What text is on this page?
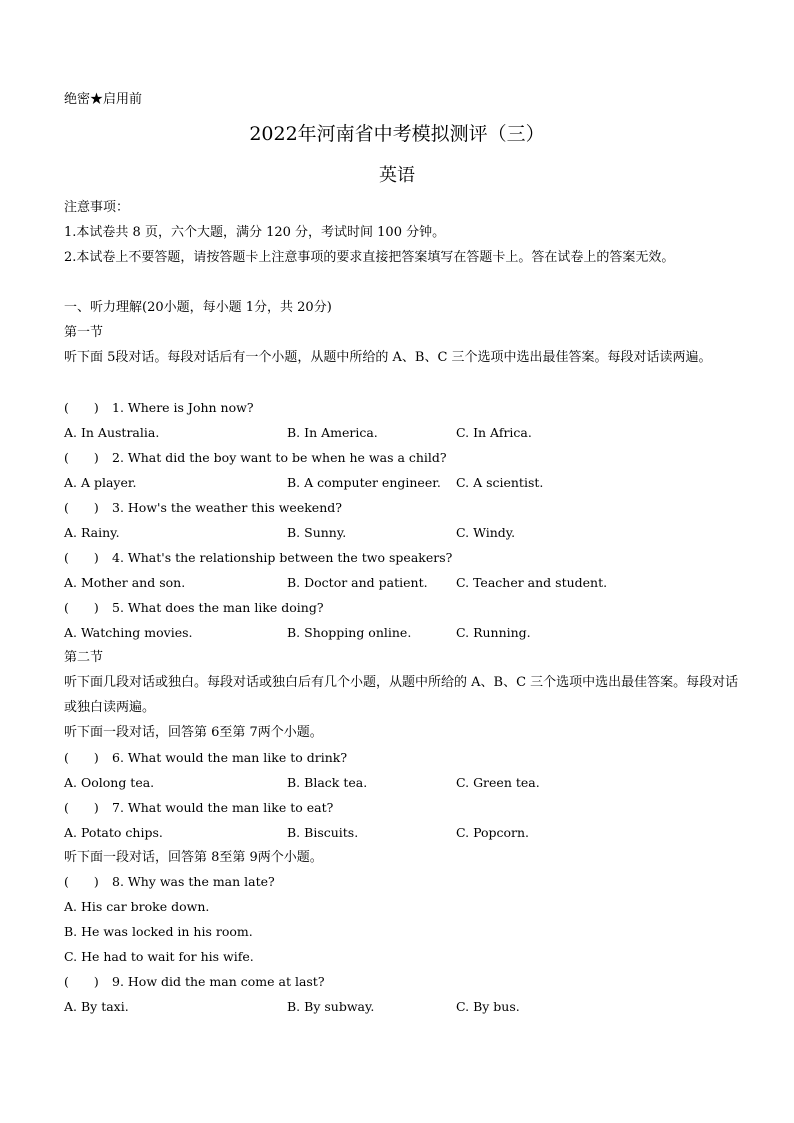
绝密★启用前
2022年河南省中考模拟测评（三）
英语
注意事项：
1.本试卷共 8 页，六个大题，满分 120 分，考试时间 100 分钟。
2.本试卷上不要答题，请按答题卡上注意事项的要求直接把答案填写在答题卡上。答在试卷上的答案无效。
一、听力理解(20小题，每小题 1分，共 20分)
第一节
听下面 5段对话。每段对话后有一个小题，从题中所给的 A、B、C 三个选项中选出最佳答案。每段对话读两遍。
(　　) 1. Where is John now?
A. In Australia.	B. In America.	C. In Africa.
(　　) 2. What did the boy want to be when he was a child?
A. A player.	B. A computer engineer. C. A scientist.
(　　) 3. How's the weather this weekend?
A. Rainy.	B. Sunny.	C. Windy.
(　　) 4. What's the relationship between the two speakers?
A. Mother and son.	B. Doctor and patient. C. Teacher and student.
(　　) 5. What does the man like doing?
A. Watching movies.	B. Shopping online.	C. Running.
第二节
听下面几段对话或独白。每段对话或独白后有几个小题，从题中所给的 A、B、C 三个选项中选出最佳答案。每段对话或独白读两遍。
听下面一段对话，回答第 6至第 7两个小题。
(　　) 6. What would the man like to drink?
A. Oolong tea.	B. Black tea.	C. Green tea.
(　　) 7. What would the man like to eat?
A. Potato chips.	B. Biscuits.	C. Popcorn.
听下面一段对话，回答第 8至第 9两个小题。
(　　) 8. Why was the man late?
A. His car broke down.
B. He was locked in his room.
C. He had to wait for his wife.
(　　) 9. How did the man come at last?
A. By taxi.	B. By subway.	C. By bus.
